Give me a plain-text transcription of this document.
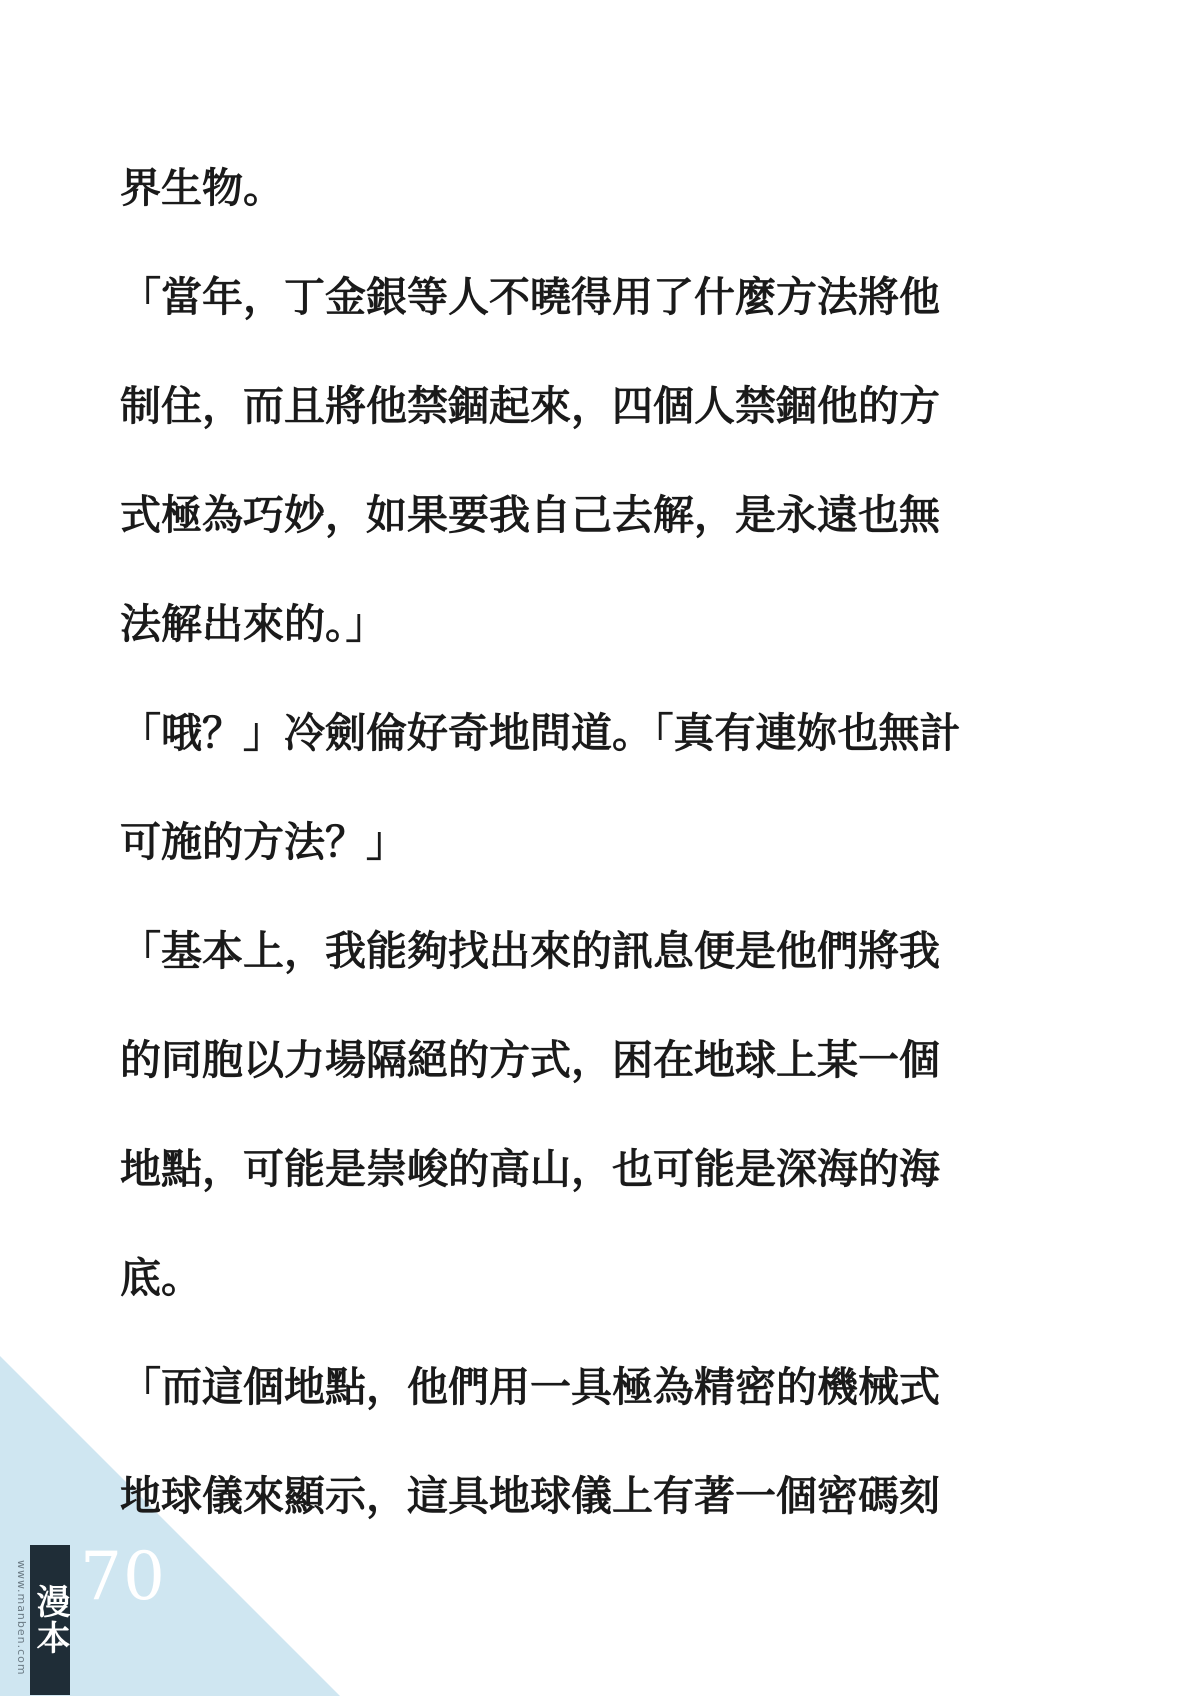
界生物。
「當年，丁金銀等人不曉得用了什麼方法將他
制住，而且將他禁錮起來，四個人禁錮他的方
式極為巧妙，如果要我自己去解，是永遠也無
法解出來的。」
「哦？」冷劍倫好奇地問道。「真有連妳也無計
可施的方法？」
「基本上，我能夠找出來的訊息便是他們將我
的同胞以力場隔絕的方式，困在地球上某一個
地點，可能是崇峻的高山，也可能是深海的海
底。
「而這個地點，他們用一具極為精密的機械式
地球儀來顯示，這具地球儀上有著一個密碼刻
www.manben.com 漫本
70
